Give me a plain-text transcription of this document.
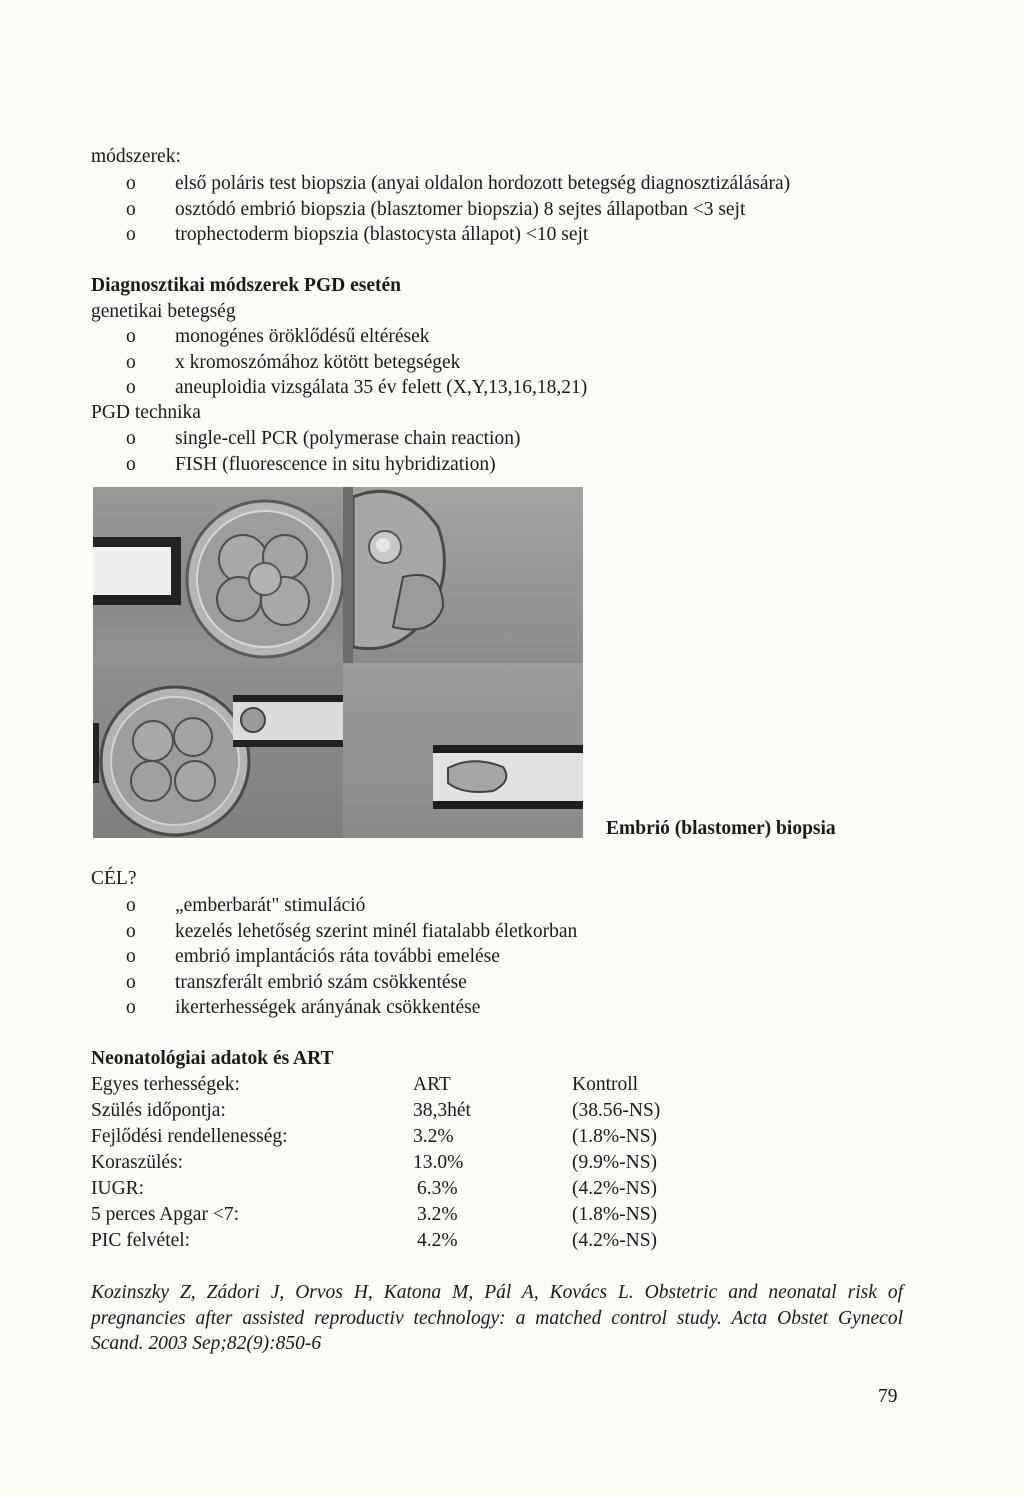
módszerek:
o első poláris test biopszia (anyai oldalon hordozott betegség diagnosztizálására)
o osztódó embrió biopszia (blasztomer biopszia) 8 sejtes állapotban <3 sejt
o trophectoderm biopszia (blastocysta állapot) <10 sejt
Diagnosztikai módszerek PGD esetén
genetikai betegség
o monogénes öröklődésű eltérések
o x kromoszómához kötött betegségek
o aneuploidia vizsgálata 35 év felett (X,Y,13,16,18,21)
PGD technika
o single-cell PCR (polymerase chain reaction)
o FISH (fluorescence in situ hybridization)
Embrió (blastomer) biopsia
CÉL?
o „emberbarát" stimuláció
o kezelés lehetőség szerint minél fiatalabb életkorban
o embrió implantációs ráta további emelése
o transzferált embrió szám csökkentése
o ikerterhességek arányának csökkentése
Neonatológiai adatok és ART
Egyes terhességek:	ART	Kontroll
Szülés időpontja:	38,3hét	(38.56-NS)
Fejlődési rendellenesség:	3.2%	(1.8%-NS)
Koraszülés:	13.0%	(9.9%-NS)
IUGR:	6.3%	(4.2%-NS)
5 perces Apgar <7:	3.2%	(1.8%-NS)
PIC felvétel:	4.2%	(4.2%-NS)
Kozinszky Z, Zádori J, Orvos H, Katona M, Pál A, Kovács L. Obstetric and neonatal risk of pregnancies after assisted reproductiv technology: a matched control study. Acta Obstet Gynecol Scand. 2003 Sep;82(9):850-6
79
